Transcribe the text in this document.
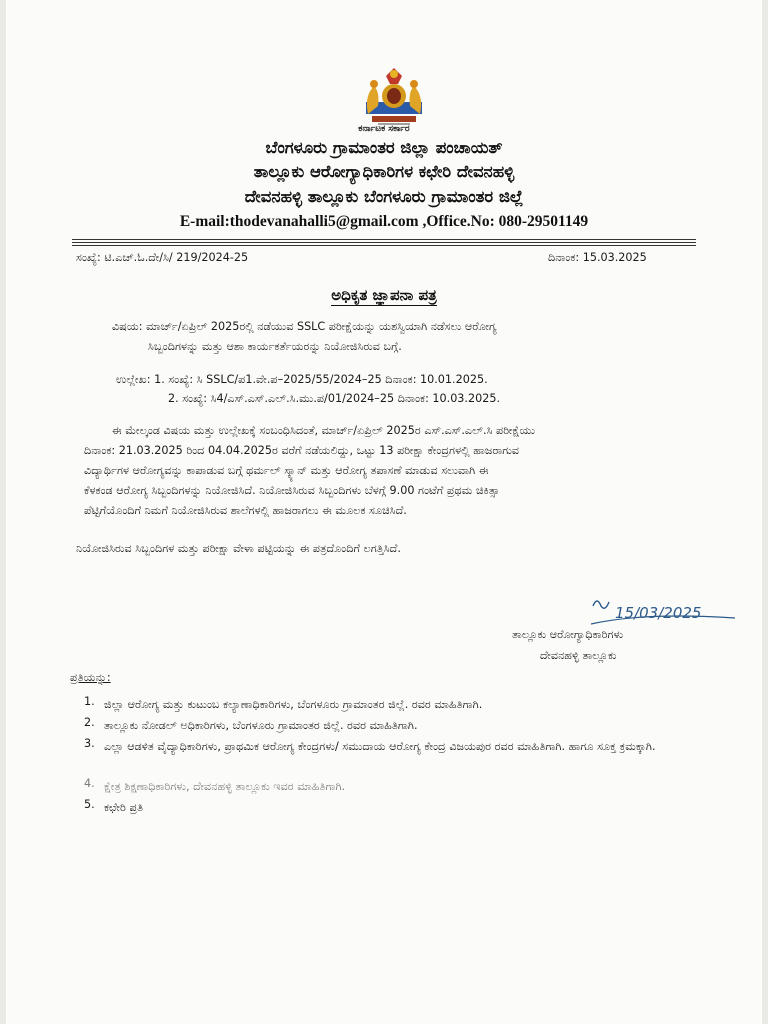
ಕರ್ನಾಟಕ ಸರ್ಕಾರ
ಬೆಂಗಳೂರು ಗ್ರಾಮಾಂತರ ಜಿಲ್ಲಾ ಪಂಚಾಯತ್
ತಾಲ್ಲೂಕು ಆರೋಗ್ಯಾಧಿಕಾರಿಗಳ ಕಛೇರಿ ದೇವನಹಳ್ಳಿ
ದೇವನಹಳ್ಳಿ ತಾಲ್ಲೂಕು ಬೆಂಗಳೂರು ಗ್ರಾಮಾಂತರ ಜಿಲ್ಲೆ
E-mail:thodevanahalli5@gmail.com ,Office.No: 080-29501149
ಸಂಖ್ಯೆ: ಟಿ.ಎಚ್.ಓ.ದೇ/ಸಿ/ 219/2024-25	ದಿನಾಂಕ: 15.03.2025
ಅಧಿಕೃತ ಜ್ಞಾಪನಾ ಪತ್ರ
ವಿಷಯ: ಮಾರ್ಚ್/ಏಪ್ರಿಲ್ 2025ರಲ್ಲಿ ನಡೆಯುವ SSLC ಪರೀಕ್ಷೆಯನ್ನು ಯಶಸ್ವಿಯಾಗಿ ನಡೆಸಲು ಆರೋಗ್ಯ
ಸಿಬ್ಬಂದಿಗಳನ್ನು ಮತ್ತು ಆಶಾ ಕಾರ್ಯಕರ್ತೆಯರನ್ನು ನಿಯೋಜಿಸಿರುವ ಬಗ್ಗೆ.
ಉಲ್ಲೇಖ: 1. ಸಂಖ್ಯೆ: ಸಿ SSLC/ಪ1.ವೇ.ಪ–2025/55/2024–25 ದಿನಾಂಕ: 10.01.2025.
2. ಸಂಖ್ಯೆ: ಸಿ4/ಎಸ್.ಎಸ್.ಎಲ್.ಸಿ.ಮು.ಪ/01/2024–25 ದಿನಾಂಕ: 10.03.2025.
ಈ ಮೇಲ್ಕಂಡ ವಿಷಯ ಮತ್ತು ಉಲ್ಲೇಖಕ್ಕೆ ಸಂಬಂಧಿಸಿದಂತೆ, ಮಾರ್ಚ್/ಏಪ್ರಿಲ್ 2025ರ ಎಸ್.ಎಸ್.ಎಲ್.ಸಿ ಪರೀಕ್ಷೆಯು
ದಿನಾಂಕ: 21.03.2025 ರಿಂದ 04.04.2025ರ ವರೆಗೆ ನಡೆಯಲಿದ್ದು, ಒಟ್ಟು 13 ಪರೀಕ್ಷಾ ಕೇಂದ್ರಗಳಲ್ಲಿ ಹಾಜರಾಗುವ
ವಿದ್ಯಾರ್ಥಿಗಳ ಆರೋಗ್ಯವನ್ನು ಕಾಪಾಡುವ ಬಗ್ಗೆ ಥರ್ಮಲ್ ಸ್ಕ್ಯಾನ್ ಮತ್ತು ಆರೋಗ್ಯ ತಪಾಸಣೆ ಮಾಡುವ ಸಲುವಾಗಿ ಈ
ಕೆಳಕಂಡ ಆರೋಗ್ಯ ಸಿಬ್ಬಂದಿಗಳನ್ನು ನಿಯೋಜಿಸಿದೆ. ನಿಯೋಜಿಸಿರುವ ಸಿಬ್ಬಂದಿಗಳು ಬೆಳಗ್ಗೆ 9.00 ಗಂಟೆಗೆ ಪ್ರಥಮ ಚಿಕಿತ್ಸಾ
ಪೆಟ್ಟಿಗೆಯೊಂದಿಗೆ ನಿಮಗೆ ನಿಯೋಜಿಸಿರುವ ಶಾಲೆಗಳಲ್ಲಿ ಹಾಜರಾಗಲು ಈ ಮೂಲಕ ಸೂಚಿಸಿದೆ.
ನಿಯೋಜಿಸಿರುವ ಸಿಬ್ಬಂದಿಗಳ ಮತ್ತು ಪರೀಕ್ಷಾ ವೇಳಾ ಪಟ್ಟಿಯನ್ನು ಈ ಪತ್ರದೊಂದಿಗೆ ಲಗತ್ತಿಸಿದೆ.
15/03/2025
ತಾಲ್ಲೂಕು ಆರೋಗ್ಯಾಧಿಕಾರಿಗಳು
ದೇವನಹಳ್ಳಿ ತಾಲ್ಲೂಕು
ಪ್ರತಿಯನ್ನು:
1. ಜಿಲ್ಲಾ ಆರೋಗ್ಯ ಮತ್ತು ಕುಟುಂಬ ಕಲ್ಯಾಣಾಧಿಕಾರಿಗಳು, ಬೆಂಗಳೂರು ಗ್ರಾಮಾಂತರ ಜಿಲ್ಲೆ. ರವರ ಮಾಹಿತಿಗಾಗಿ.
2. ತಾಲ್ಲೂಕು ನೋಡಲ್ ಅಧಿಕಾರಿಗಳು, ಬೆಂಗಳೂರು ಗ್ರಾಮಾಂತರ ಜಿಲ್ಲೆ. ರವರ ಮಾಹಿತಿಗಾಗಿ.
3. ಎಲ್ಲಾ ಆಡಳಿತ ವೈದ್ಯಾಧಿಕಾರಿಗಳು, ಪ್ರಾಥಮಿಕ ಆರೋಗ್ಯ ಕೇಂದ್ರಗಳು/ ಸಮುದಾಯ ಆರೋಗ್ಯ ಕೇಂದ್ರ ವಿಜಯಪುರ ರವರ ಮಾಹಿತಿಗಾಗಿ. ಹಾಗೂ ಸೂಕ್ತ ಕ್ರಮಕ್ಕಾಗಿ.
4. ಕ್ಷೇತ್ರ ಶಿಕ್ಷಣಾಧಿಕಾರಿಗಳು, ದೇವನಹಳ್ಳಿ ತಾಲ್ಲೂಕು ಇವರ ಮಾಹಿತಿಗಾಗಿ.
5. ಕಛೇರಿ ಪ್ರತಿ
